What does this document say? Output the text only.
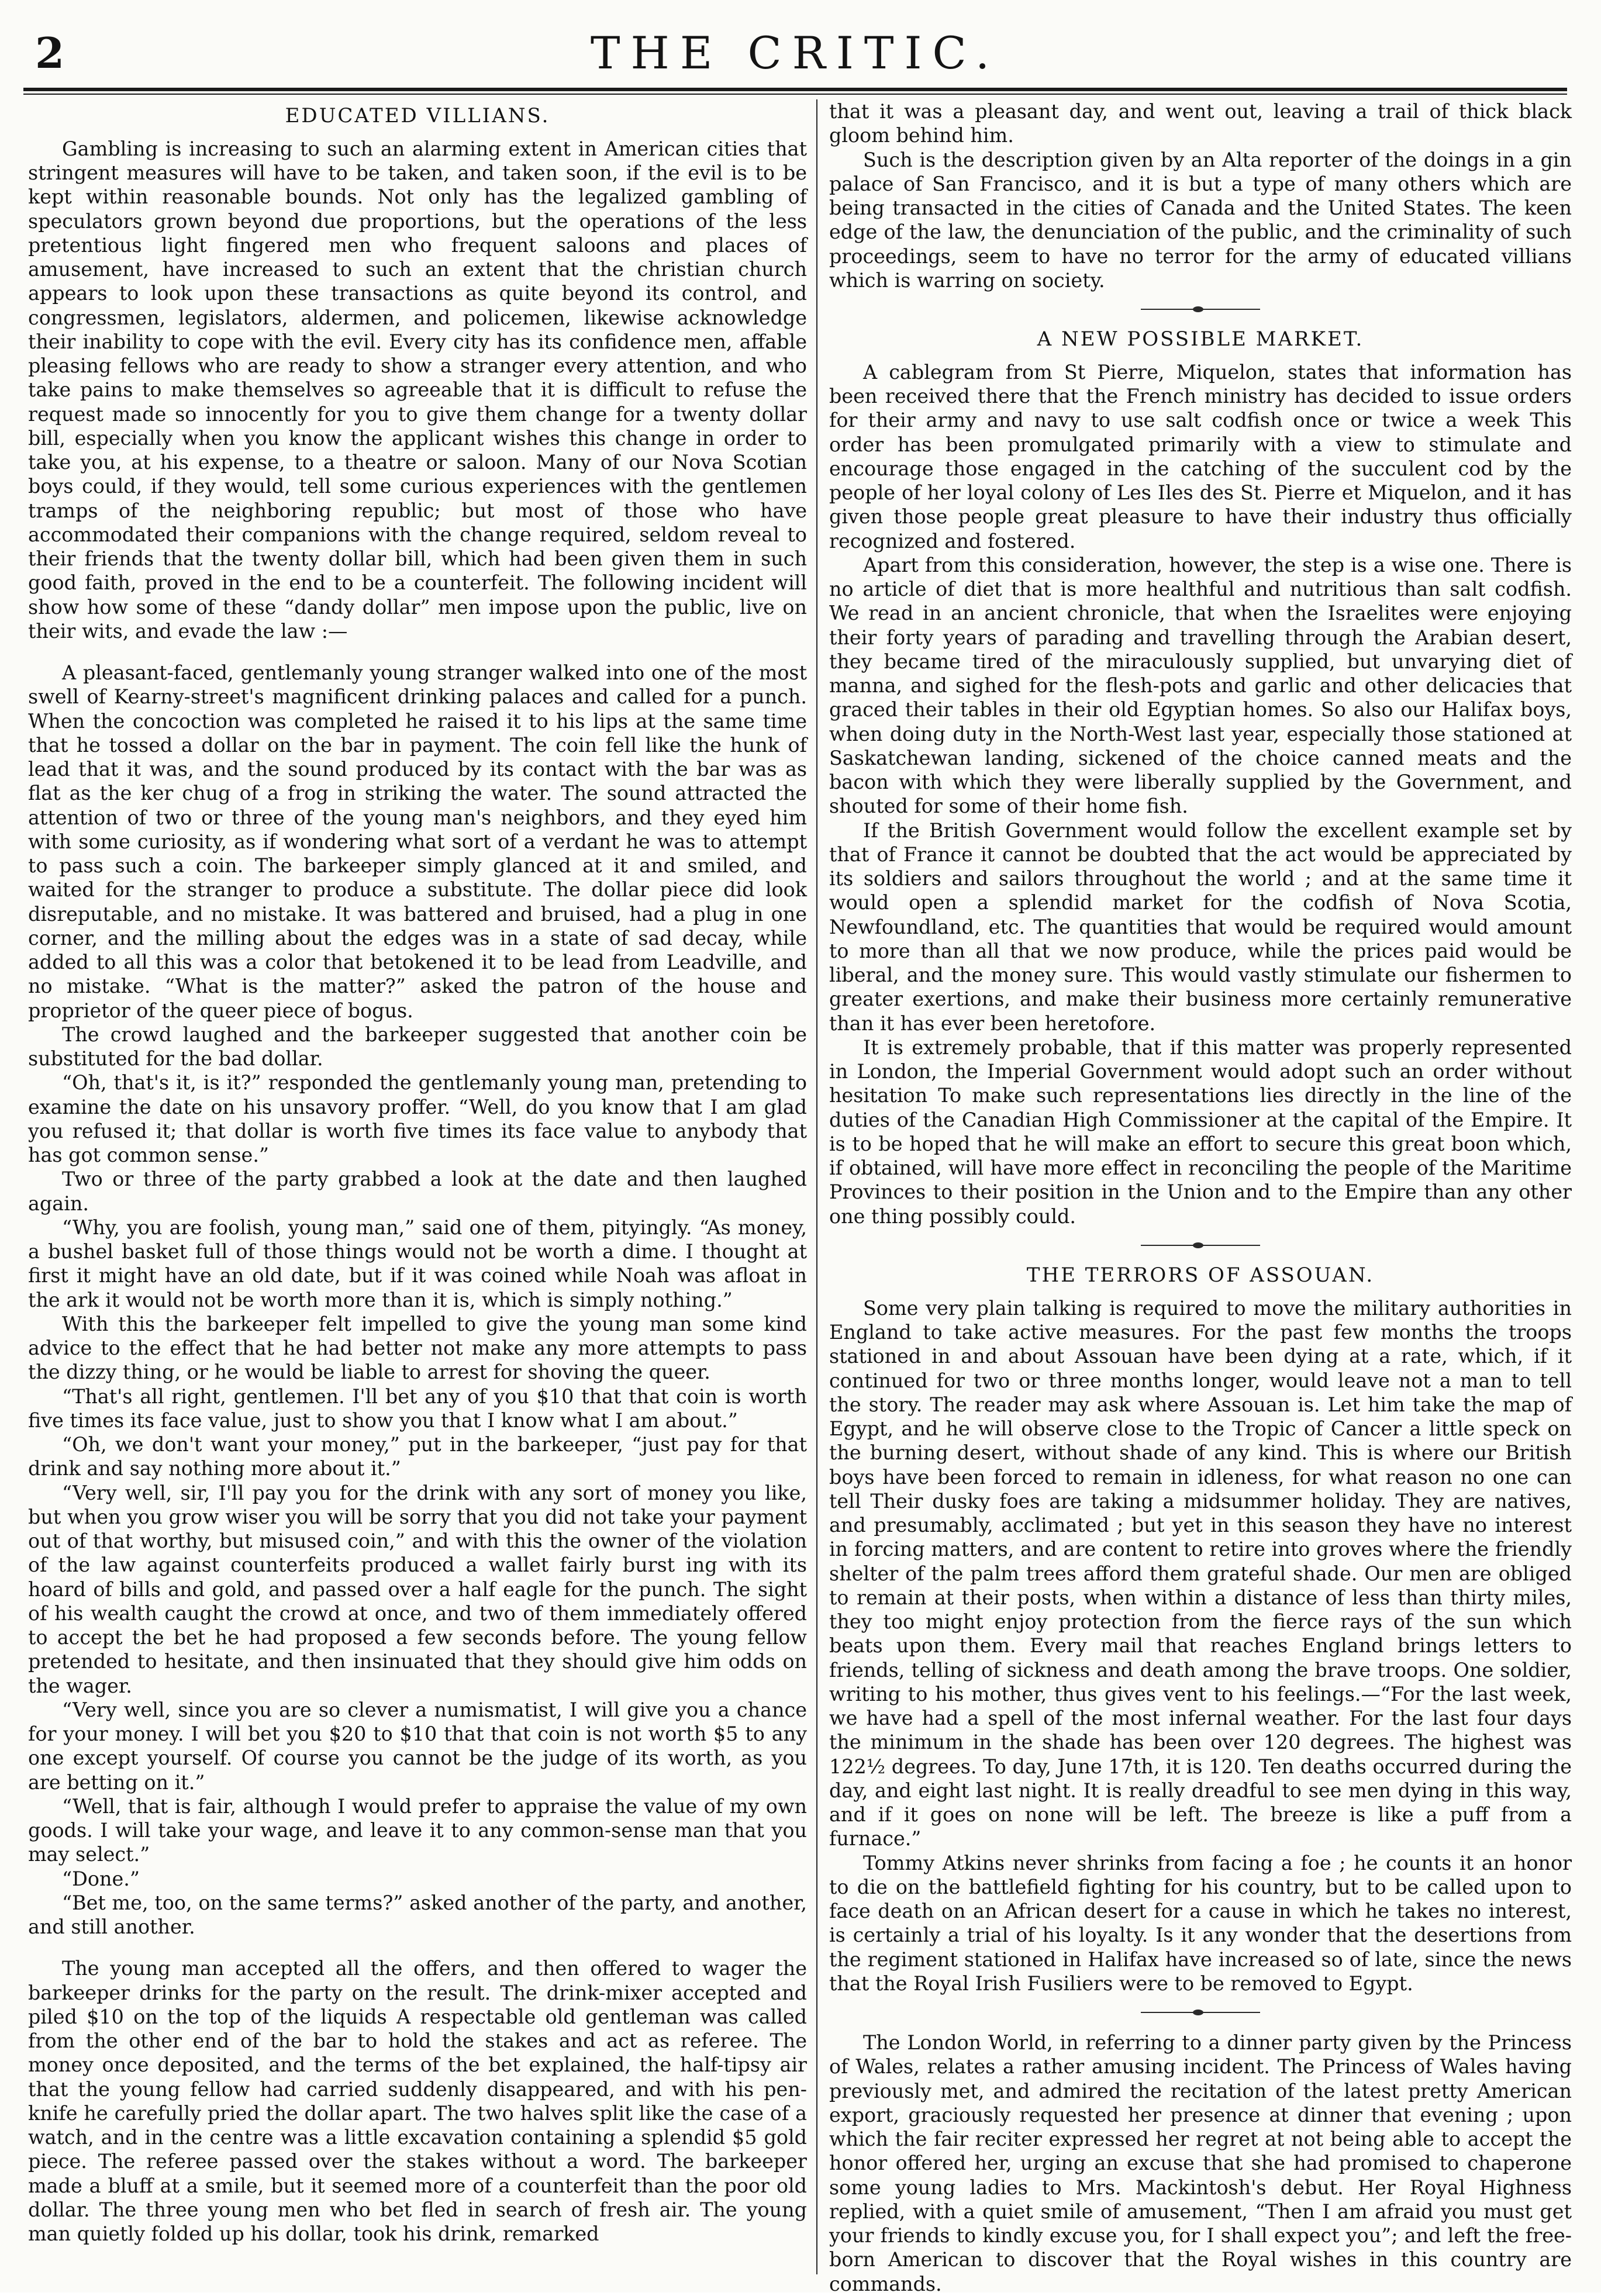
2	THE CRITIC.
EDUCATED VILLIANS.

Gambling is increasing to such an alarming extent in American cities that stringent measures will have to be taken, and taken soon, if the evil is to be kept within reasonable bounds. Not only has the legalized gambling of speculators grown beyond due proportions, but the operations of the less pretentious light fingered men who frequent saloons and places of amusement, have increased to such an extent that the christian church appears to look upon these transactions as quite beyond its control, and congressmen, legislators, aldermen, and policemen, likewise acknowledge their inability to cope with the evil. Every city has its confidence men, affable pleasing fellows who are ready to show a stranger every attention, and who take pains to make themselves so agreeable that it is difficult to refuse the request made so innocently for you to give them change for a twenty dollar bill, especially when you know the applicant wishes this change in order to take you, at his expense, to a theatre or saloon. Many of our Nova Scotian boys could, if they would, tell some curious experiences with the gentlemen tramps of the neighboring republic; but most of those who have accommodated their companions with the change required, seldom reveal to their friends that the twenty dollar bill, which had been given them in such good faith, proved in the end to be a counterfeit. The following incident will show how some of these “dandy dollar” men impose upon the public, live on their wits, and evade the law :—

A pleasant-faced, gentlemanly young stranger walked into one of the most swell of Kearny-street's magnificent drinking palaces and called for a punch. When the concoction was completed he raised it to his lips at the same time that he tossed a dollar on the bar in payment. The coin fell like the hunk of lead that it was, and the sound produced by its contact with the bar was as flat as the ker chug of a frog in striking the water. The sound attracted the attention of two or three of the young man's neighbors, and they eyed him with some curiosity, as if wondering what sort of a verdant he was to attempt to pass such a coin. The barkeeper simply glanced at it and smiled, and waited for the stranger to produce a substitute. The dollar piece did look disreputable, and no mistake. It was battered and bruised, had a plug in one corner, and the milling about the edges was in a state of sad decay, while added to all this was a color that betokened it to be lead from Leadville, and no mistake. “What is the matter?” asked the patron of the house and proprietor of the queer piece of bogus.

The crowd laughed and the barkeeper suggested that another coin be substituted for the bad dollar.

“Oh, that's it, is it?” responded the gentlemanly young man, pretending to examine the date on his unsavory proffer. “Well, do you know that I am glad you refused it; that dollar is worth five times its face value to anybody that has got common sense.”

Two or three of the party grabbed a look at the date and then laughed again.

“Why, you are foolish, young man,” said one of them, pityingly. “As money, a bushel basket full of those things would not be worth a dime. I thought at first it might have an old date, but if it was coined while Noah was afloat in the ark it would not be worth more than it is, which is simply nothing.”

With this the barkeeper felt impelled to give the young man some kind advice to the effect that he had better not make any more attempts to pass the dizzy thing, or he would be liable to arrest for shoving the queer.

“That's all right, gentlemen. I'll bet any of you $10 that that coin is worth five times its face value, just to show you that I know what I am about.”

“Oh, we don't want your money,” put in the barkeeper, “just pay for that drink and say nothing more about it.”

“Very well, sir, I'll pay you for the drink with any sort of money you like, but when you grow wiser you will be sorry that you did not take your payment out of that worthy, but misused coin,” and with this the owner of the violation of the law against counterfeits produced a wallet fairly burst ing with its hoard of bills and gold, and passed over a half eagle for the punch. The sight of his wealth caught the crowd at once, and two of them immediately offered to accept the bet he had proposed a few seconds before. The young fellow pretended to hesitate, and then insinuated that they should give him odds on the wager.

“Very well, since you are so clever a numismatist, I will give you a chance for your money. I will bet you $20 to $10 that that coin is not worth $5 to any one except yourself. Of course you cannot be the judge of its worth, as you are betting on it.”

“Well, that is fair, although I would prefer to appraise the value of my own goods. I will take your wage, and leave it to any common-sense man that you may select.”

“Done.”

“Bet me, too, on the same terms?” asked another of the party, and another, and still another.

The young man accepted all the offers, and then offered to wager the barkeeper drinks for the party on the result. The drink-mixer accepted and piled $10 on the top of the liquids A respectable old gentleman was called from the other end of the bar to hold the stakes and act as referee. The money once deposited, and the terms of the bet explained, the half-tipsy air that the young fellow had carried suddenly disappeared, and with his pen-knife he carefully pried the dollar apart. The two halves split like the case of a watch, and in the centre was a little excavation containing a splendid $5 gold piece. The referee passed over the stakes without a word. The barkeeper made a bluff at a smile, but it seemed more of a counterfeit than the poor old dollar. The three young men who bet fled in search of fresh air. The young man quietly folded up his dollar, took his drink, remarked

that it was a pleasant day, and went out, leaving a trail of thick black gloom behind him.

Such is the description given by an Alta reporter of the doings in a gin palace of San Francisco, and it is but a type of many others which are being transacted in the cities of Canada and the United States. The keen edge of the law, the denunciation of the public, and the criminality of such proceedings, seem to have no terror for the army of educated villians which is warring on society.

A NEW POSSIBLE MARKET.

A cablegram from St Pierre, Miquelon, states that information has been received there that the French ministry has decided to issue orders for their army and navy to use salt codfish once or twice a week This order has been promulgated primarily with a view to stimulate and encourage those engaged in the catching of the succulent cod by the people of her loyal colony of Les Iles des St. Pierre et Miquelon, and it has given those people great pleasure to have their industry thus officially recognized and fostered.

Apart from this consideration, however, the step is a wise one. There is no article of diet that is more healthful and nutritious than salt codfish. We read in an ancient chronicle, that when the Israelites were enjoying their forty years of parading and travelling through the Arabian desert, they became tired of the miraculously supplied, but unvarying diet of manna, and sighed for the flesh-pots and garlic and other delicacies that graced their tables in their old Egyptian homes. So also our Halifax boys, when doing duty in the North-West last year, especially those stationed at Saskatchewan landing, sickened of the choice canned meats and the bacon with which they were liberally supplied by the Government, and shouted for some of their home fish.

If the British Government would follow the excellent example set by that of France it cannot be doubted that the act would be appreciated by its soldiers and sailors throughout the world ; and at the same time it would open a splendid market for the codfish of Nova Scotia, Newfoundland, etc. The quantities that would be required would amount to more than all that we now produce, while the prices paid would be liberal, and the money sure. This would vastly stimulate our fishermen to greater exertions, and make their business more certainly remunerative than it has ever been heretofore.

It is extremely probable, that if this matter was properly represented in London, the Imperial Government would adopt such an order without hesitation To make such representations lies directly in the line of the duties of the Canadian High Commissioner at the capital of the Empire. It is to be hoped that he will make an effort to secure this great boon which, if obtained, will have more effect in reconciling the people of the Maritime Provinces to their position in the Union and to the Empire than any other one thing possibly could.

THE TERRORS OF ASSOUAN.

Some very plain talking is required to move the military authorities in England to take active measures. For the past few months the troops stationed in and about Assouan have been dying at a rate, which, if it continued for two or three months longer, would leave not a man to tell the story. The reader may ask where Assouan is. Let him take the map of Egypt, and he will observe close to the Tropic of Cancer a little speck on the burning desert, without shade of any kind. This is where our British boys have been forced to remain in idleness, for what reason no one can tell Their dusky foes are taking a midsummer holiday. They are natives, and presumably, acclimated ; but yet in this season they have no interest in forcing matters, and are content to retire into groves where the friendly shelter of the palm trees afford them grateful shade. Our men are obliged to remain at their posts, when within a distance of less than thirty miles, they too might enjoy protection from the fierce rays of the sun which beats upon them. Every mail that reaches England brings letters to friends, telling of sickness and death among the brave troops. One soldier, writing to his mother, thus gives vent to his feelings.—“For the last week, we have had a spell of the most infernal weather. For the last four days the minimum in the shade has been over 120 degrees. The highest was 122½ degrees. To day, June 17th, it is 120. Ten deaths occurred during the day, and eight last night. It is really dreadful to see men dying in this way, and if it goes on none will be left. The breeze is like a puff from a furnace.”

Tommy Atkins never shrinks from facing a foe ; he counts it an honor to die on the battlefield fighting for his country, but to be called upon to face death on an African desert for a cause in which he takes no interest, is certainly a trial of his loyalty. Is it any wonder that the desertions from the regiment stationed in Halifax have increased so of late, since the news that the Royal Irish Fusiliers were to be removed to Egypt.

The London World, in referring to a dinner party given by the Princess of Wales, relates a rather amusing incident. The Princess of Wales having previously met, and admired the recitation of the latest pretty American export, graciously requested her presence at dinner that evening ; upon which the fair reciter expressed her regret at not being able to accept the honor offered her, urging an excuse that she had promised to chaperone some young ladies to Mrs. Mackintosh's debut. Her Royal Highness replied, with a quiet smile of amusement, “Then I am afraid you must get your friends to kindly excuse you, for I shall expect you”; and left the free-born American to discover that the Royal wishes in this country are commands.
